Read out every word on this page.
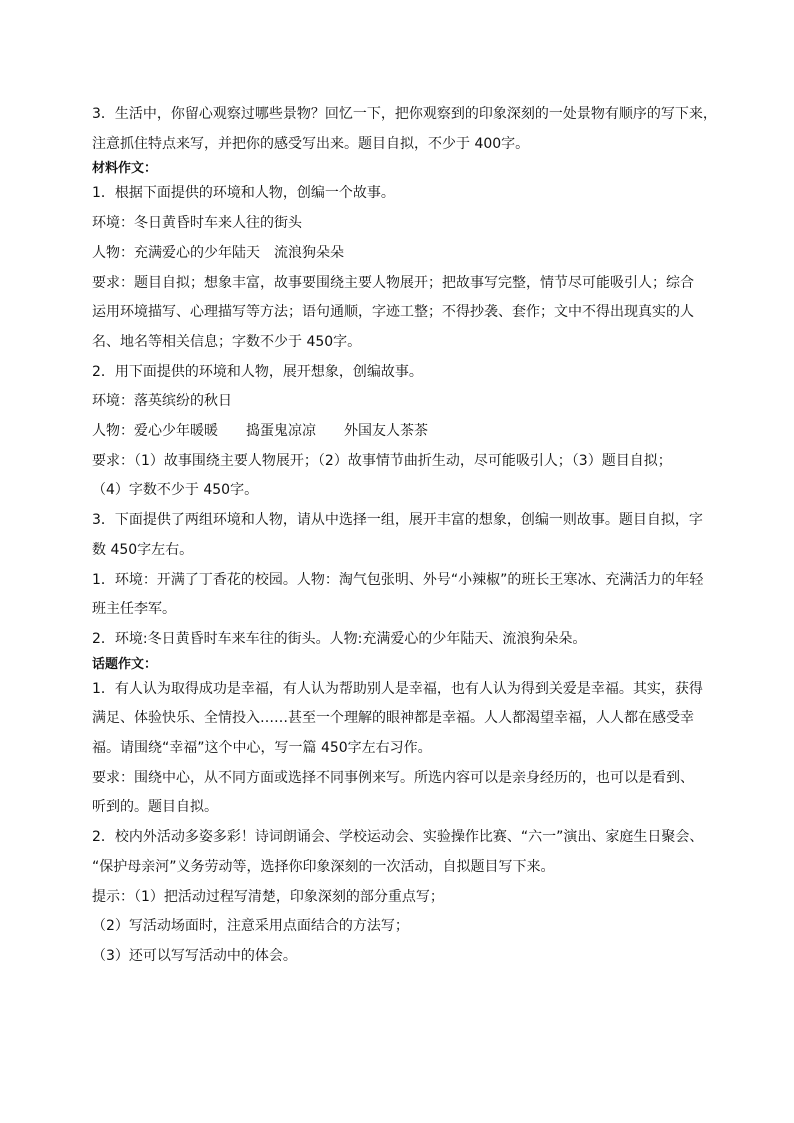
3．生活中，你留心观察过哪些景物？回忆一下，把你观察到的印象深刻的一处景物有顺序的写下来，
注意抓住特点来写，并把你的感受写出来。题目自拟，不少于 400字。
材料作文：
1．根据下面提供的环境和人物，创编一个故事。
环境：冬日黄昏时车来人往的街头
人物：充满爱心的少年陆天　流浪狗朵朵
要求：题目自拟；想象丰富，故事要围绕主要人物展开；把故事写完整，情节尽可能吸引人；综合
运用环境描写、心理描写等方法；语句通顺，字迹工整；不得抄袭、套作；文中不得出现真实的人
名、地名等相关信息；字数不少于 450字。
2．用下面提供的环境和人物，展开想象，创编故事。
环境：落英缤纷的秋日
人物：爱心少年暖暖　　捣蛋鬼凉凉　　外国友人茶茶
要求：（1）故事围绕主要人物展开；（2）故事情节曲折生动，尽可能吸引人；（3）题目自拟；
（4）字数不少于 450字。
3．下面提供了两组环境和人物，请从中选择一组，展开丰富的想象，创编一则故事。题目自拟，字
数 450字左右。
1．环境：开满了丁香花的校园。人物：淘气包张明、外号“小辣椒”的班长王寒冰、充满活力的年轻
班主任李军。
2．环境:冬日黄昏时车来车往的街头。人物:充满爱心的少年陆天、流浪狗朵朵。
话题作文：
1．有人认为取得成功是幸福，有人认为帮助别人是幸福，也有人认为得到关爱是幸福。其实，获得
满足、体验快乐、全情投入……甚至一个理解的眼神都是幸福。人人都渴望幸福，人人都在感受幸
福。请围绕“幸福”这个中心，写一篇 450字左右习作。
要求：围绕中心，从不同方面或选择不同事例来写。所选内容可以是亲身经历的，也可以是看到、
听到的。题目自拟。
2．校内外活动多姿多彩！诗词朗诵会、学校运动会、实验操作比赛、“六一”演出、家庭生日聚会、
“保护母亲河”义务劳动等，选择你印象深刻的一次活动，自拟题目写下来。
提示：（1）把活动过程写清楚，印象深刻的部分重点写；
（2）写活动场面时，注意采用点面结合的方法写；
（3）还可以写写活动中的体会。
